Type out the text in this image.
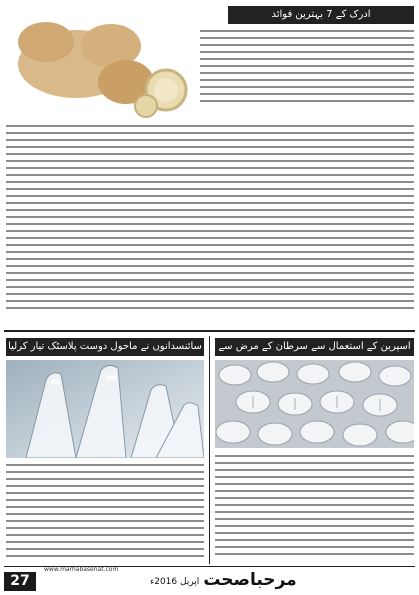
ادرک کے 7 بہترین فوائد
سائنسدانوں نے ماحول دوست پلاسٹک تیار کرلیا	اسپرین کے استعمال سے سرطان کے مرض سے
27
www.marhabasehat.com
اپریل 2016ء مرحباصحت
